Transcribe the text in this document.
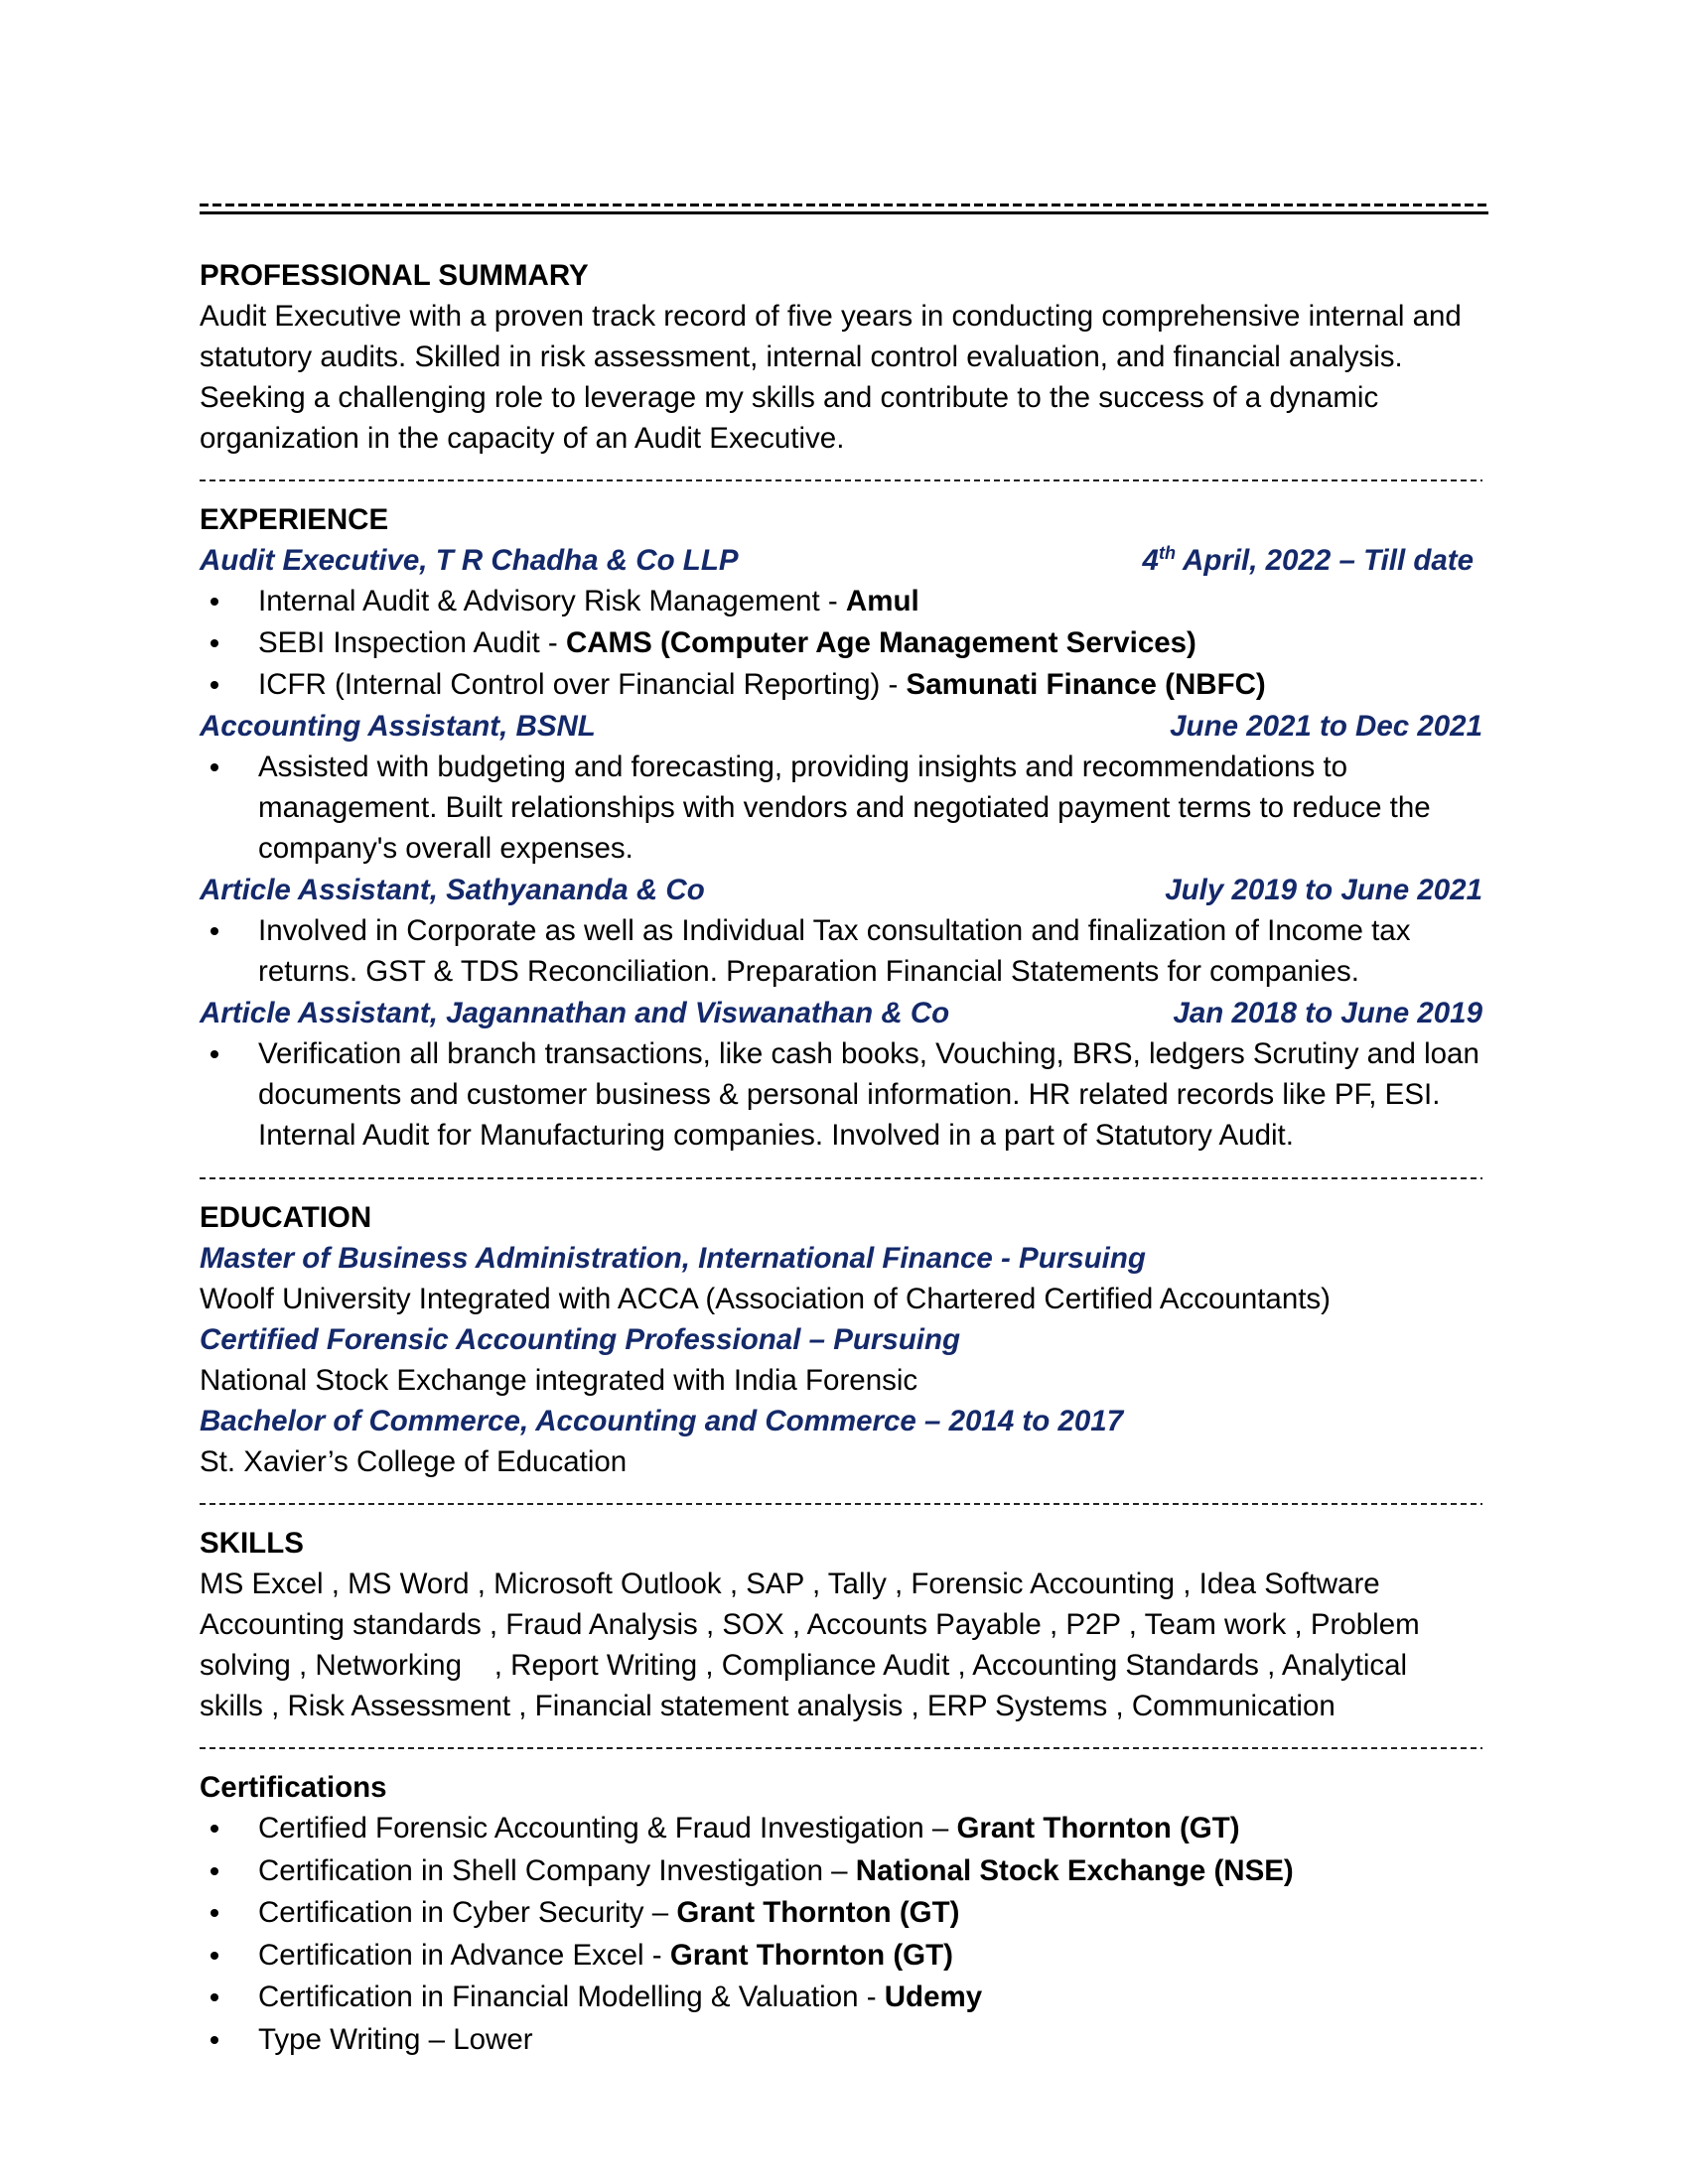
PROFESSIONAL SUMMARY
Audit Executive with a proven track record of five years in conducting comprehensive internal and statutory audits. Skilled in risk assessment, internal control evaluation, and financial analysis. Seeking a challenging role to leverage my skills and contribute to the success of a dynamic organization in the capacity of an Audit Executive.
EXPERIENCE
Audit Executive, T R Chadha & Co LLP	4th April, 2022 – Till date
Internal Audit & Advisory Risk Management - Amul
SEBI Inspection Audit - CAMS (Computer Age Management Services)
ICFR (Internal Control over Financial Reporting) - Samunati Finance (NBFC)
Accounting Assistant, BSNL	June 2021 to Dec 2021
Assisted with budgeting and forecasting, providing insights and recommendations to management. Built relationships with vendors and negotiated payment terms to reduce the company's overall expenses.
Article Assistant, Sathyananda & Co	July 2019 to June 2021
Involved in Corporate as well as Individual Tax consultation and finalization of Income tax returns. GST & TDS Reconciliation. Preparation Financial Statements for companies.
Article Assistant, Jagannathan and Viswanathan & Co	Jan 2018 to June 2019
Verification all branch transactions, like cash books, Vouching, BRS, ledgers Scrutiny and loan documents and customer business & personal information. HR related records like PF, ESI. Internal Audit for Manufacturing companies. Involved in a part of Statutory Audit.
EDUCATION
Master of Business Administration, International Finance - Pursuing
Woolf University Integrated with ACCA (Association of Chartered Certified Accountants)
Certified Forensic Accounting Professional – Pursuing
National Stock Exchange integrated with India Forensic
Bachelor of Commerce, Accounting and Commerce – 2014 to 2017
St. Xavier’s College of Education
SKILLS
MS Excel , MS Word , Microsoft Outlook , SAP , Tally , Forensic Accounting , Idea Software
Accounting standards , Fraud Analysis , SOX , Accounts Payable , P2P , Team work , Problem
solving , Networking    , Report Writing , Compliance Audit , Accounting Standards , Analytical
skills , Risk Assessment , Financial statement analysis , ERP Systems , Communication
Certifications
Certified Forensic Accounting & Fraud Investigation – Grant Thornton (GT)
Certification in Shell Company Investigation – National Stock Exchange (NSE)
Certification in Cyber Security – Grant Thornton (GT)
Certification in Advance Excel - Grant Thornton (GT)
Certification in Financial Modelling & Valuation - Udemy
Type Writing – Lower
